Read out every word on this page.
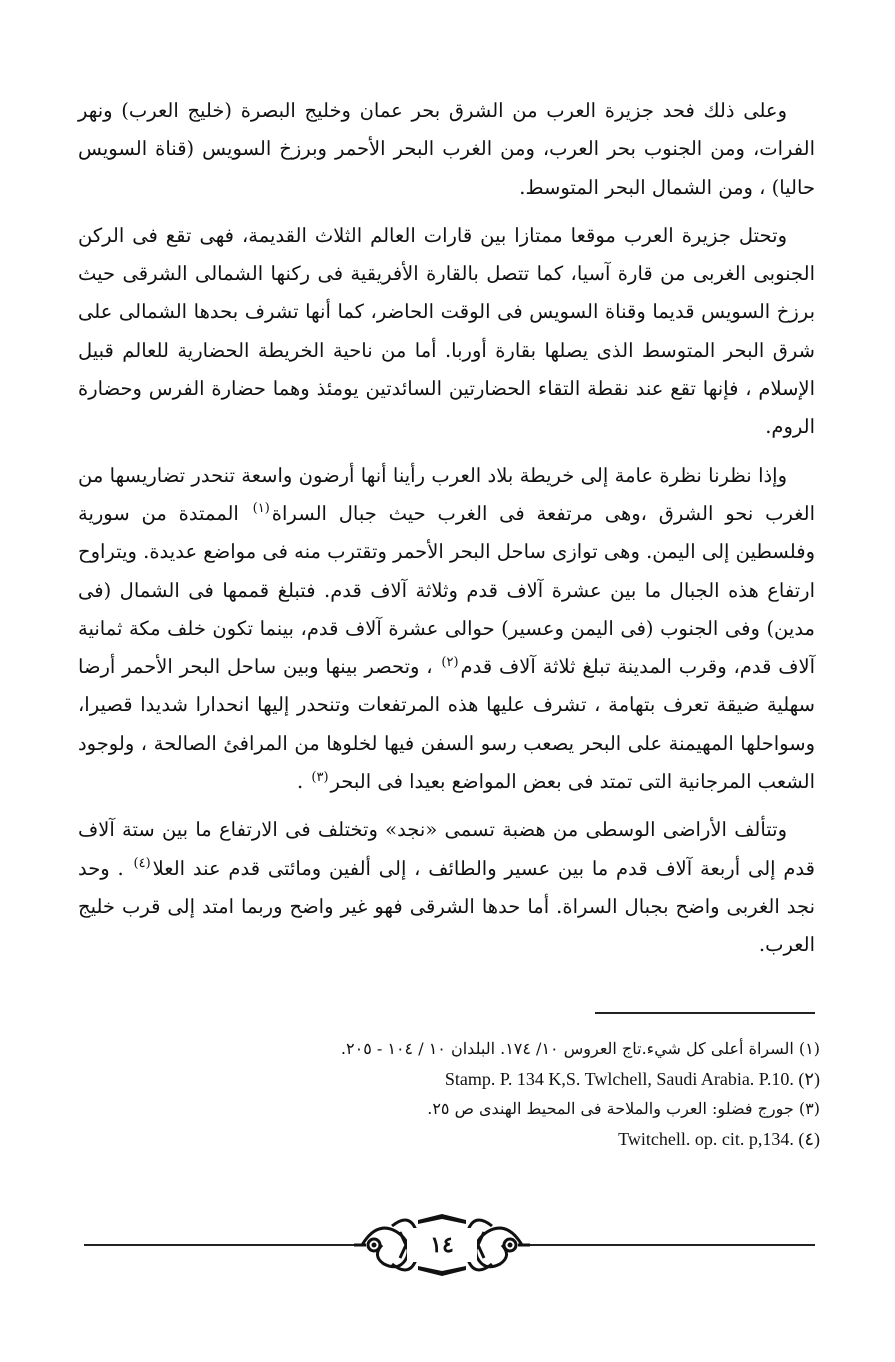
وعلى ذلك فحد جزيرة العرب من الشرق بحر عمان وخليج البصرة (خليج العرب) ونهر الفرات، ومن الجنوب بحر العرب، ومن الغرب البحر الأحمر وبرزخ السويس (قناة السويس حاليا) ، ومن الشمال البحر المتوسط.

وتحتل جزيرة العرب موقعا ممتازا بين قارات العالم الثلاث القديمة، فهى تقع فى الركن الجنوبى الغربى من قارة آسيا، كما تتصل بالقارة الأفريقية فى ركنها الشمالى الشرقى حيث برزخ السويس قديما وقناة السويس فى الوقت الحاضر، كما أنها تشرف بحدها الشمالى على شرق البحر المتوسط الذى يصلها بقارة أوربا. أما من ناحية الخريطة الحضارية للعالم قبيل الإسلام ، فإنها تقع عند نقطة التقاء الحضارتين السائدتين يومئذ وهما حضارة الفرس وحضارة الروم.

وإذا نظرنا نظرة عامة إلى خريطة بلاد العرب رأينا أنها أرضون واسعة تنحدر تضاريسها من الغرب نحو الشرق ،وهى مرتفعة فى الغرب حيث جبال السراة$^{(١)}$ الممتدة من سورية وفلسطين إلى اليمن. وهى توازى ساحل البحر الأحمر وتقترب منه فى مواضع عديدة. ويتراوح ارتفاع هذه الجبال ما بين عشرة آلاف قدم وثلاثة آلاف قدم. فتبلغ قممها فى الشمال (فى مدين) وفى الجنوب (فى اليمن وعسير) حوالى عشرة آلاف قدم، بينما تكون خلف مكة ثمانية آلاف قدم، وقرب المدينة تبلغ ثلاثة آلاف قدم$^{(٢)}$ ، وتحصر بينها وبين ساحل البحر الأحمر أرضا سهلية ضيقة تعرف بتهامة ، تشرف عليها هذه المرتفعات وتنحدر إليها انحدارا شديدا قصيرا، وسواحلها المهيمنة على البحر يصعب رسو السفن فيها لخلوها من المرافئ الصالحة ، ولوجود الشعب المرجانية التى تمتد فى بعض المواضع بعيدا فى البحر$^{(٣)}$ .

وتتألف الأراضى الوسطى من هضبة تسمى «نجد» وتختلف فى الارتفاع ما بين ستة آلاف قدم إلى أربعة آلاف قدم ما بين عسير والطائف ، إلى ألفين ومائتى قدم عند العلا$^{(٤)}$ . وحد نجد الغربى واضح بجبال السراة. أما حدها الشرقى فهو غير واضح وربما امتد إلى قرب خليج العرب.

(١) السراة أعلى كل شيء.تاج العروس ١٠/ ١٧٤. البلدان ١٠ / ١٠٤ - ٢٠٥.

Stamp. P. 134 K,S. Twlchell, Saudi Arabia. P.10. (٢)

(٣) جورج فضلو: العرب والملاحة فى المحيط الهندى ص ٢٥.

Twitchell. op. cit. p,134. (٤)

١٤
